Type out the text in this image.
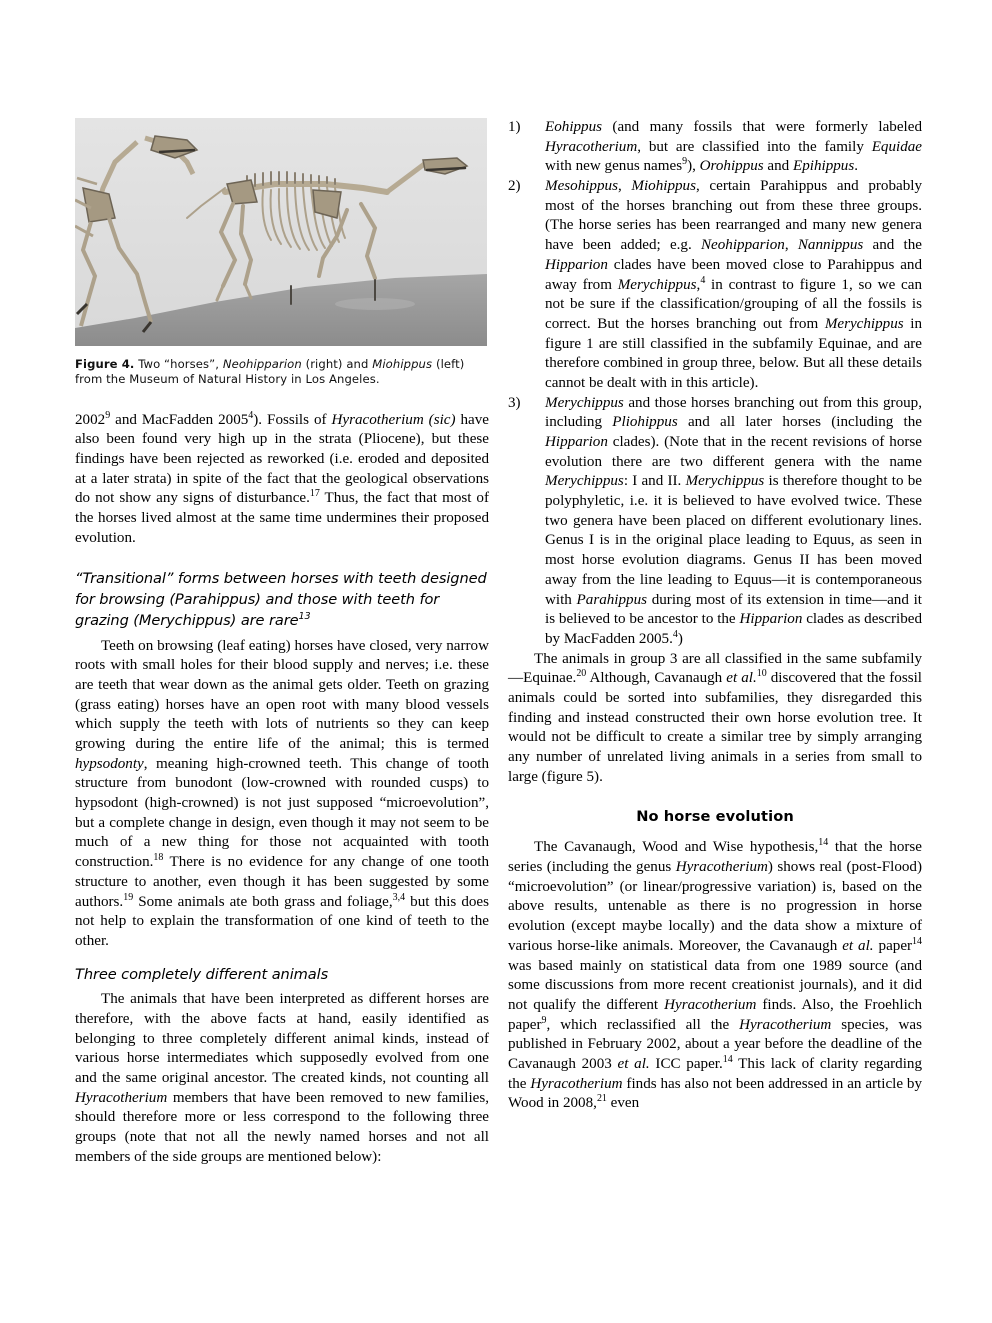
Figure 4. Two “horses”, Neohipparion (right) and Miohippus (left) from the Museum of Natural History in Los Angeles.

2002$^9$ and MacFadden 2005$^4$). Fossils of Hyracotherium (sic) have also been found very high up in the strata (Pliocene), but these findings have been rejected as reworked (i.e. eroded and deposited at a later strata) in spite of the fact that the geological observations do not show any signs of disturbance.$^{17}$ Thus, the fact that most of the horses lived almost at the same time undermines their proposed evolution.

“Transitional” forms between horses with teeth designed for browsing (Parahippus) and those with teeth for grazing (Merychippus) are rare$^{13}$

Teeth on browsing (leaf eating) horses have closed, very narrow roots with small holes for their blood supply and nerves; i.e. these are teeth that wear down as the animal gets older. Teeth on grazing (grass eating) horses have an open root with many blood vessels which supply the teeth with lots of nutrients so they can keep growing during the entire life of the animal; this is termed hypsodonty, meaning high-crowned teeth. This change of tooth structure from bunodont (low-crowned with rounded cusps) to hypsodont (high-crowned) is not just supposed “microevolution”, but a complete change in design, even though it may not seem to be much of a new thing for those not acquainted with tooth construction.$^{18}$ There is no evidence for any change of one tooth structure to another, even though it has been suggested by some authors.$^{19}$ Some animals ate both grass and foliage,$^{3,4}$ but this does not help to explain the transformation of one kind of teeth to the other.

Three completely different animals

The animals that have been interpreted as different horses are therefore, with the above facts at hand, easily identified as belonging to three completely different animal kinds, instead of various horse intermediates which supposedly evolved from one and the same original ancestor. The created kinds, not counting all Hyracotherium members that have been removed to new families, should therefore more or less correspond to the following three groups (note that not all the newly named horses and not all members of the side groups are mentioned below):

1)	Eohippus (and many fossils that were formerly labeled Hyracotherium, but are classified into the family Equidae with new genus names$^9$), Orohippus and Epihippus.
2)	Mesohippus, Miohippus, certain Parahippus and probably most of the horses branching out from these three groups. (The horse series has been rearranged and many new genera have been added; e.g. Neohipparion, Nannippus and the Hipparion clades have been moved close to Parahippus and away from Merychippus,$^4$ in contrast to figure 1, so we can not be sure if the classification/grouping of all the fossils is correct. But the horses branching out from Merychippus in figure 1 are still classified in the subfamily Equinae, and are therefore combined in group three, below. But all these details cannot be dealt with in this article).
3)	Merychippus and those horses branching out from this group, including Pliohippus and all later horses (including the Hipparion clades). (Note that in the recent revisions of horse evolution there are two different genera with the name Merychippus: I and II. Merychippus is therefore thought to be polyphyletic, i.e. it is believed to have evolved twice. These two genera have been placed on different evolutionary lines. Genus I is in the original place leading to Equus, as seen in most horse evolution diagrams. Genus II has been moved away from the line leading to Equus—it is contemporaneous with Parahippus during most of its extension in time—and it is believed to be ancestor to the Hipparion clades as described by MacFadden 2005.$^4$)

The animals in group 3 are all classified in the same subfamily—Equinae.$^{20}$ Although, Cavanaugh et al.$^{10}$ discovered that the fossil animals could be sorted into subfamilies, they disregarded this finding and instead constructed their own horse evolution tree. It would not be difficult to create a similar tree by simply arranging any number of unrelated living animals in a series from small to large (figure 5).

No horse evolution

The Cavanaugh, Wood and Wise hypothesis,$^{14}$ that the horse series (including the genus Hyracotherium) shows real (post-Flood) “microevolution” (or linear/progressive variation) is, based on the above results, untenable as there is no progression in horse evolution (except maybe locally) and the data show a mixture of various horse-like animals. Moreover, the Cavanaugh et al. paper$^{14}$ was based mainly on statistical data from one 1989 source (and some discussions from more recent creationist journals), and it did not qualify the different Hyracotherium finds. Also, the Froehlich paper$^9$, which reclassified all the Hyracotherium species, was published in February 2002, about a year before the deadline of the Cavanaugh 2003 et al. ICC paper.$^{14}$ This lack of clarity regarding the Hyracotherium finds has also not been addressed in an article by Wood in 2008,21 even
